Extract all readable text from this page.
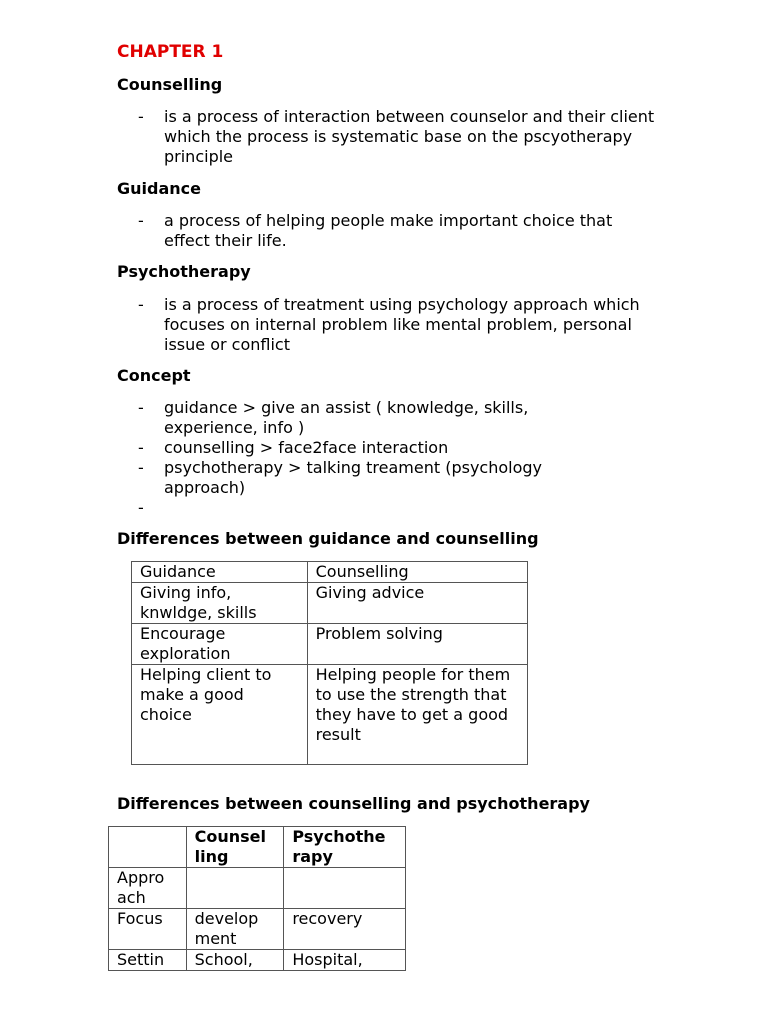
CHAPTER 1
Counselling
- is a process of interaction between counselor and their client which the process is systematic base on the pscyotherapy principle
Guidance
- a process of helping people make important choice that effect their life.
Psychotherapy
- is a process of treatment using psychology approach which focuses on internal problem like mental problem, personal issue or conflict
Concept
- guidance > give an assist ( knowledge, skills, experience, info )
- counselling > face2face interaction
- psychotherapy > talking treament (psychology approach)
-
Differences between guidance and counselling
Guidance	Counselling
Giving info, knwldge, skills	Giving advice
Encourage exploration	Problem solving
Helping client to make a good choice	Helping people for them to use the strength that they have to get a good result
Differences between counselling and psychotherapy
	Counsel ling	Psychothe rapy
Appro ach		
Focus	develop ment	recovery
Settin	School,	Hospital,
